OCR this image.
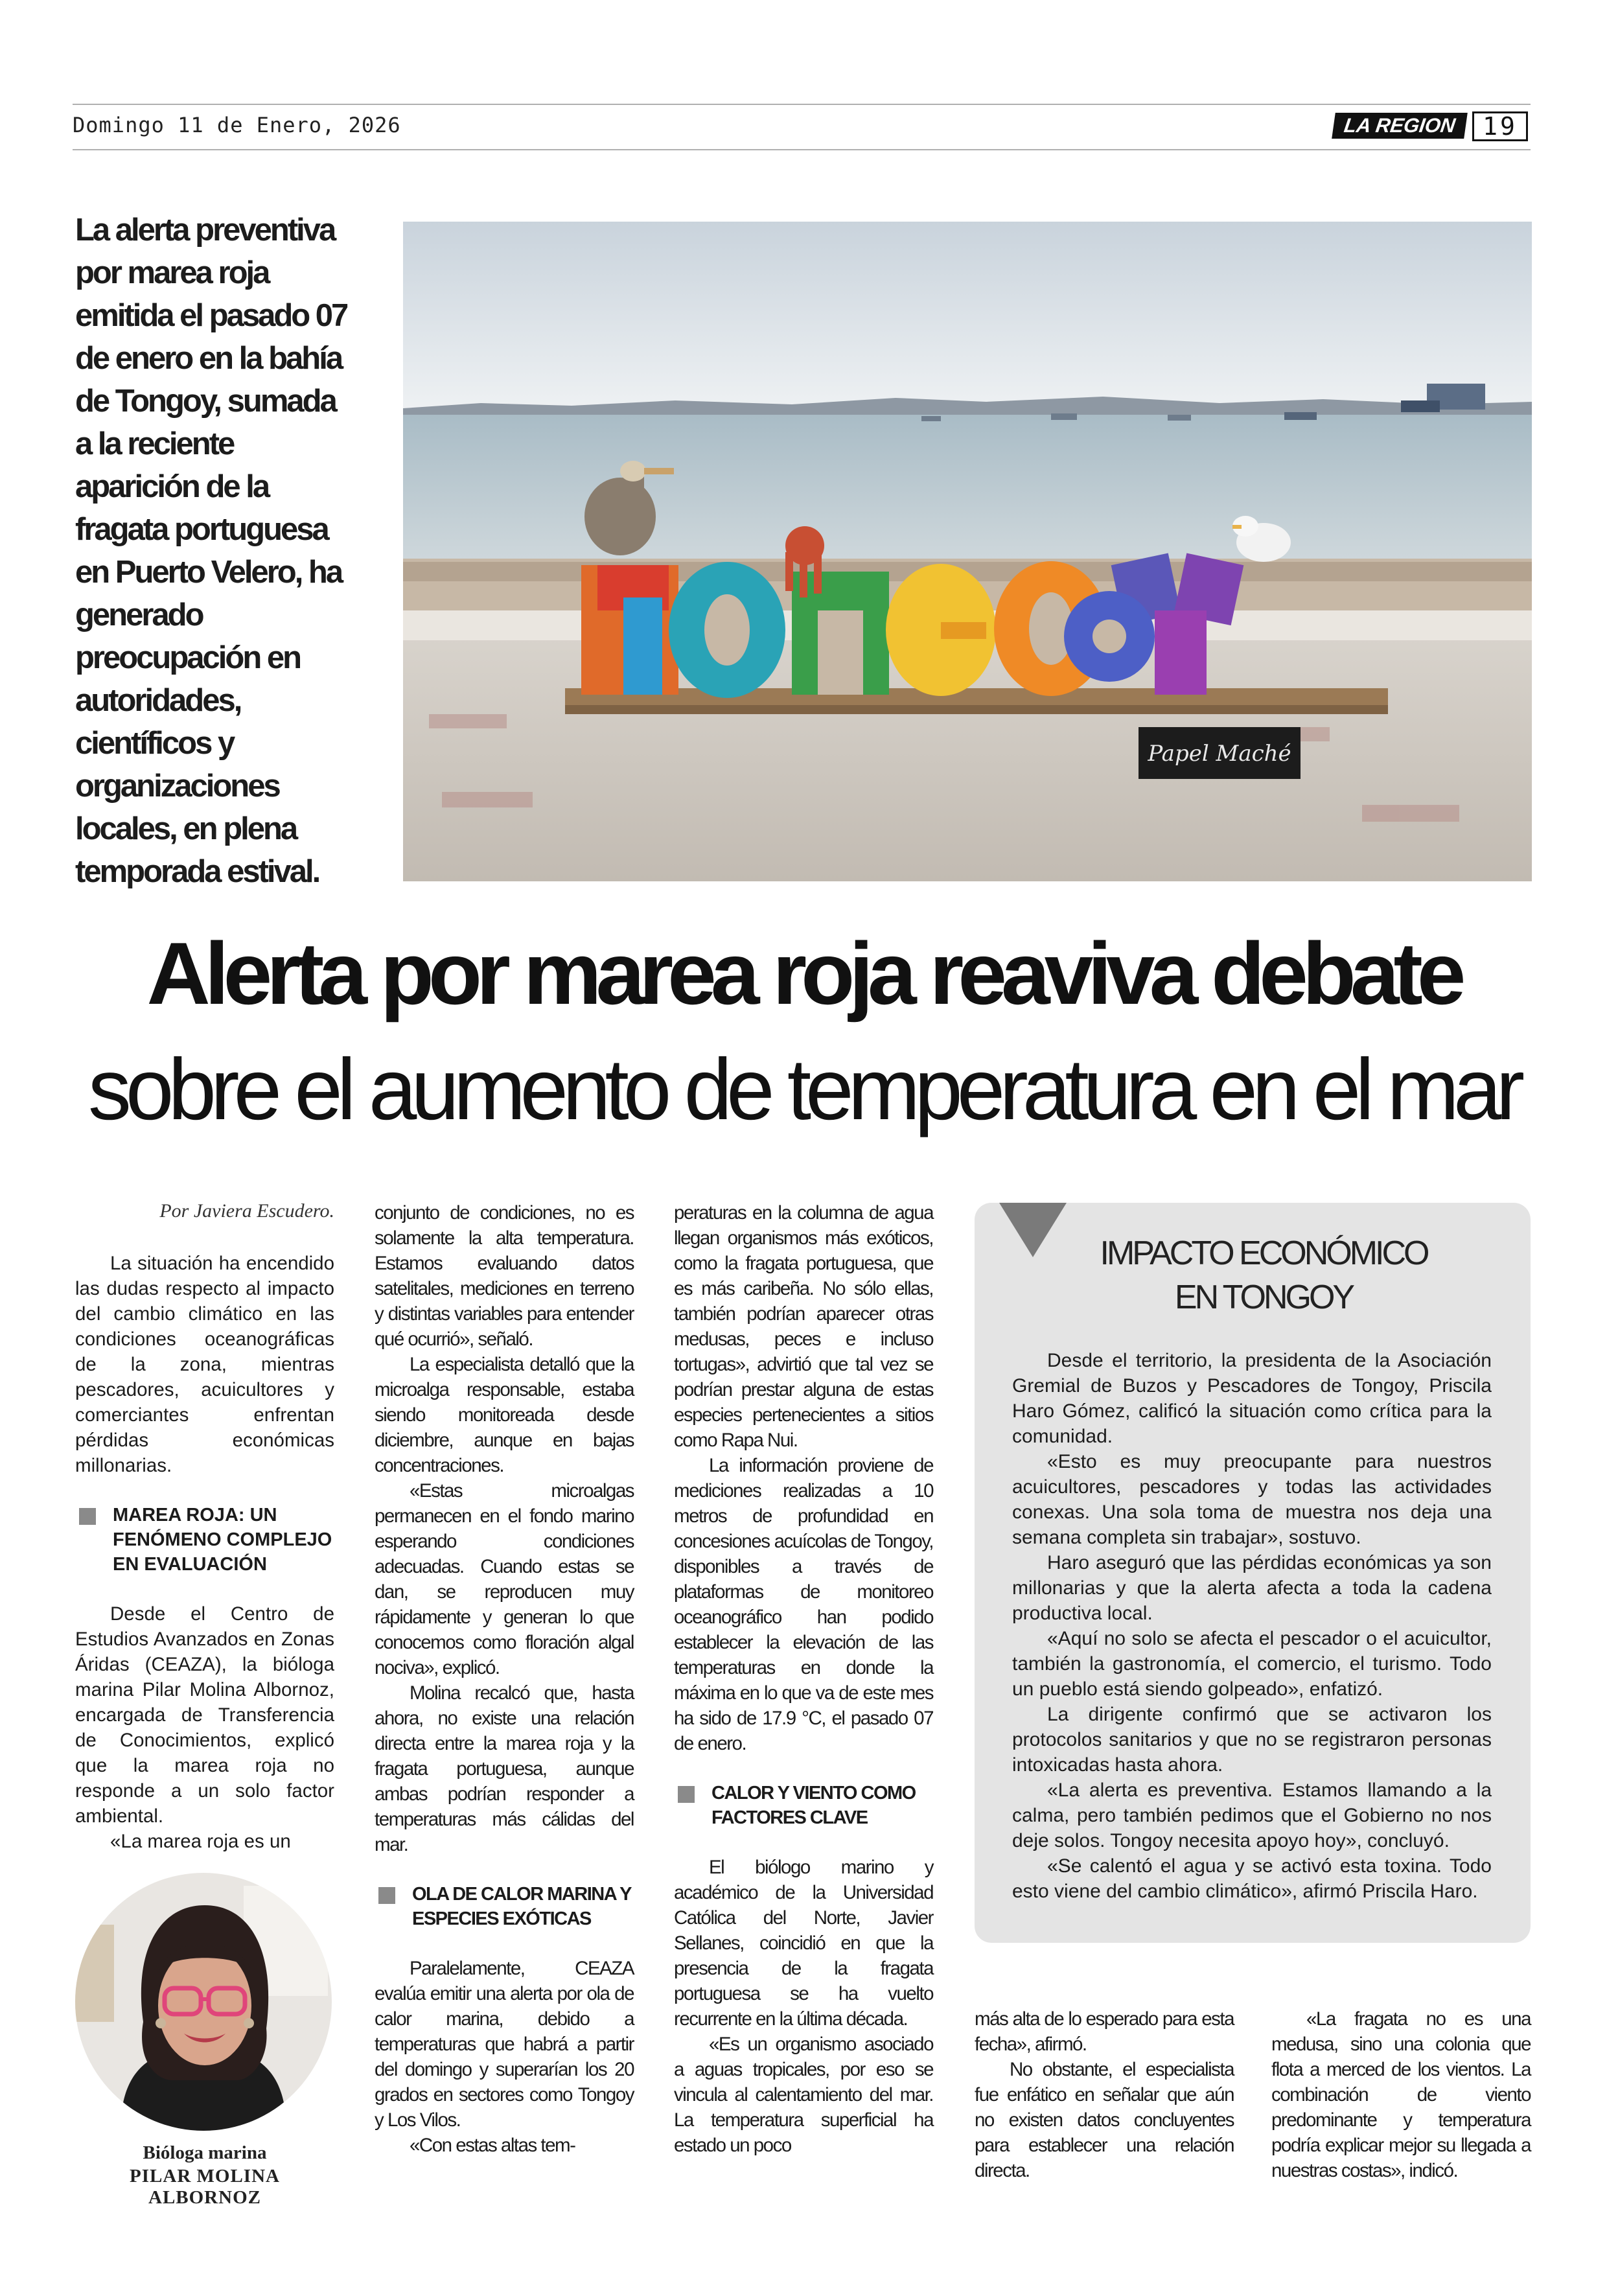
Domingo 11 de Enero, 2026	LA REGION	19

La alerta preventiva por marea roja emitida el pasado 07 de enero en la bahía de Tongoy, sumada a la reciente aparición de la fragata portuguesa en Puerto Velero, ha generado preocupación en autoridades, científicos y organizaciones locales, en plena temporada estival.

Papel Maché
Alerta por marea roja reaviva debate
sobre el aumento de temperatura en el mar
Por Javiera Escudero.

La situación ha encendido las dudas respecto al impacto del cambio climático en las condiciones oceanográficas de la zona, mientras pescadores, acuicultores y comerciantes enfrentan pérdidas económicas millonarias.

MAREA ROJA: UN FENÓMENO COMPLEJO EN EVALUACIÓN

Desde el Centro de Estudios Avanzados en Zonas Áridas (CEAZA), la bióloga marina Pilar Molina Albornoz, encargada de Transferencia de Conocimientos, explicó que la marea roja no responde a un solo factor ambiental.

«La marea roja es un

conjunto de condiciones, no es solamente la alta temperatura. Estamos evaluando datos satelitales, mediciones en terreno y distintas variables para entender qué ocurrió», señaló.

La especialista detalló que la microalga responsable, estaba siendo monitoreada desde diciembre, aunque en bajas concentraciones.

«Estas microalgas permanecen en el fondo marino esperando condiciones adecuadas. Cuando estas se dan, se reproducen muy rápidamente y generan lo que conocemos como floración algal nociva», explicó.

Molina recalcó que, hasta ahora, no existe una relación directa entre la marea roja y la fragata portuguesa, aunque ambas podrían responder a temperaturas más cálidas del mar.

OLA DE CALOR MARINA Y ESPECIES EXÓTICAS

Paralelamente, CEAZA evalúa emitir una alerta por ola de calor marina, debido a temperaturas que habrá a partir del domingo y superarían los 20 grados en sectores como Tongoy y Los Vilos.

«Con estas altas tem-

peraturas en la columna de agua llegan organismos más exóticos, como la fragata portuguesa, que es más caribeña. No sólo ellas, también podrían aparecer otras medusas, peces e incluso tortugas», advirtió que tal vez se podrían prestar alguna de estas especies pertenecientes a sitios como Rapa Nui.

La información proviene de mediciones realizadas a 10 metros de profundidad en concesiones acuícolas de Tongoy, disponibles a través de plataformas de monitoreo oceanográfico han podido establecer la elevación de las temperaturas en donde la máxima en lo que va de este mes ha sido de 17.9 °C, el pasado 07 de enero.

CALOR Y VIENTO COMO FACTORES CLAVE

El biólogo marino y académico de la Universidad Católica del Norte, Javier Sellanes, coincidió en que la presencia de la fragata portuguesa se ha vuelto recurrente en la última década.

«Es un organismo asociado a aguas tropicales, por eso se vincula al calentamiento del mar. La temperatura superficial ha estado un poco

IMPACTO ECONÓMICO
EN TONGOY

Desde el territorio, la presidenta de la Asociación Gremial de Buzos y Pescadores de Tongoy, Priscila Haro Gómez, calificó la situación como crítica para la comunidad.

«Esto es muy preocupante para nuestros acuicultores, pescadores y todas las actividades conexas. Una sola toma de muestra nos deja una semana completa sin trabajar», sostuvo.

Haro aseguró que las pérdidas económicas ya son millonarias y que la alerta afecta a toda la cadena productiva local.

«Aquí no solo se afecta el pescador o el acuicultor, también la gastronomía, el comercio, el turismo. Todo un pueblo está siendo golpeado», enfatizó.

La dirigente confirmó que se activaron los protocolos sanitarios y que no se registraron personas intoxicadas hasta ahora.

«La alerta es preventiva. Estamos llamando a la calma, pero también pedimos que el Gobierno no nos deje solos. Tongoy necesita apoyo hoy», concluyó.

«Se calentó el agua y se activó esta toxina. Todo esto viene del cambio climático», afirmó Priscila Haro.

más alta de lo esperado para esta fecha», afirmó.

No obstante, el especialista fue enfático en señalar que aún no existen datos concluyentes para establecer una relación directa.

«La fragata no es una medusa, sino una colonia que flota a merced de los vientos. La combinación de viento predominante y temperatura podría explicar mejor su llegada a nuestras costas», indicó.

Bióloga marina
PILAR MOLINA ALBORNOZ
